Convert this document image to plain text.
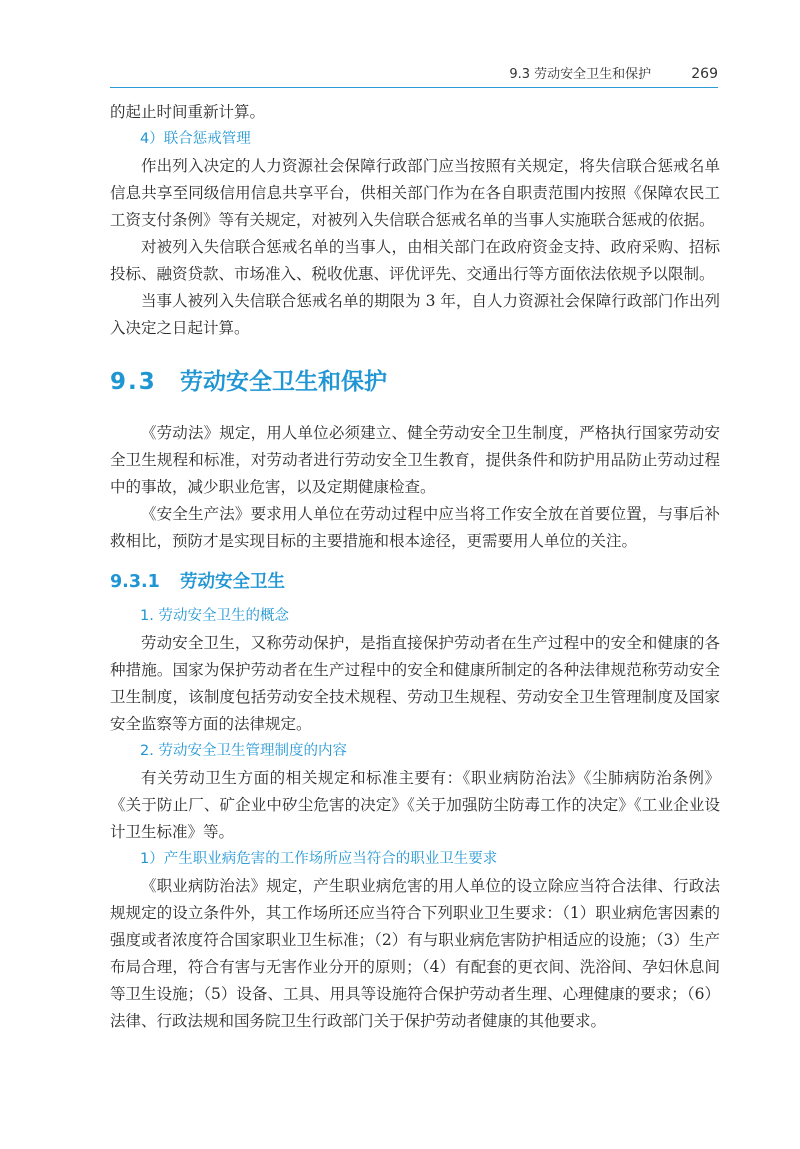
9.3 劳动安全卫生和保护	269

的起止时间重新计算。

4）联合惩戒管理

作出列入决定的人力资源社会保障行政部门应当按照有关规定，将失信联合惩戒名单信息共享至同级信用信息共享平台，供相关部门作为在各自职责范围内按照《保障农民工工资支付条例》等有关规定，对被列入失信联合惩戒名单的当事人实施联合惩戒的依据。

对被列入失信联合惩戒名单的当事人，由相关部门在政府资金支持、政府采购、招标投标、融资贷款、市场准入、税收优惠、评优评先、交通出行等方面依法依规予以限制。

当事人被列入失信联合惩戒名单的期限为 3 年，自人力资源社会保障行政部门作出列入决定之日起计算。

9.3 劳动安全卫生和保护

《劳动法》规定，用人单位必须建立、健全劳动安全卫生制度，严格执行国家劳动安全卫生规程和标准，对劳动者进行劳动安全卫生教育，提供条件和防护用品防止劳动过程中的事故，减少职业危害，以及定期健康检查。

《安全生产法》要求用人单位在劳动过程中应当将工作安全放在首要位置，与事后补救相比，预防才是实现目标的主要措施和根本途径，更需要用人单位的关注。

9.3.1 劳动安全卫生
1. 劳动安全卫生的概念

劳动安全卫生，又称劳动保护，是指直接保护劳动者在生产过程中的安全和健康的各种措施。国家为保护劳动者在生产过程中的安全和健康所制定的各种法律规范称劳动安全卫生制度，该制度包括劳动安全技术规程、劳动卫生规程、劳动安全卫生管理制度及国家安全监察等方面的法律规定。

2. 劳动安全卫生管理制度的内容

有关劳动卫生方面的相关规定和标准主要有：《职业病防治法》《尘肺病防治条例》《关于防止厂、矿企业中矽尘危害的决定》《关于加强防尘防毒工作的决定》《工业企业设计卫生标准》等。

1）产生职业病危害的工作场所应当符合的职业卫生要求

《职业病防治法》规定，产生职业病危害的用人单位的设立除应当符合法律、行政法规规定的设立条件外，其工作场所还应当符合下列职业卫生要求：（1）职业病危害因素的强度或者浓度符合国家职业卫生标准；（2）有与职业病危害防护相适应的设施；（3）生产布局合理，符合有害与无害作业分开的原则；（4）有配套的更衣间、洗浴间、孕妇休息间等卫生设施；（5）设备、工具、用具等设施符合保护劳动者生理、心理健康的要求；（6）法律、行政法规和国务院卫生行政部门关于保护劳动者健康的其他要求。
